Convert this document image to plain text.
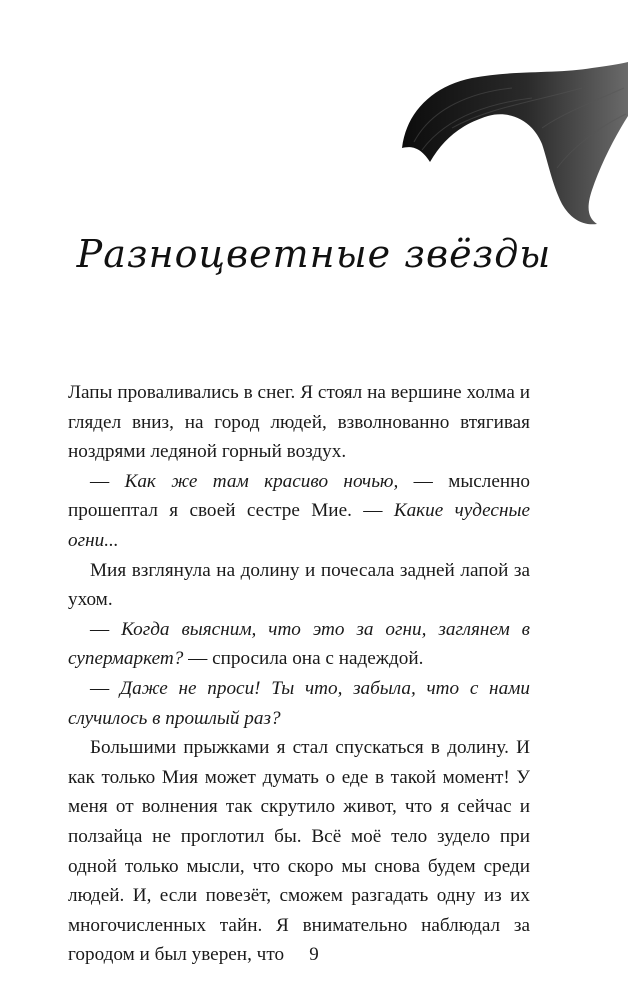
Разноцветные звёзды

Лапы проваливались в снег. Я стоял на вершине холма и глядел вниз, на город людей, взволнованно втягивая ноздрями ледяной горный воздух.

— Как же там красиво ночью, — мысленно прошептал я своей сестре Мие. — Какие чудесные огни...

Мия взглянула на долину и почесала задней лапой за ухом.

— Когда выясним, что это за огни, заглянем в супермаркет? — спросила она с надеждой.

— Даже не проси! Ты что, забыла, что с нами случилось в прошлый раз?

Большими прыжками я стал спускаться в долину. И как только Мия может думать о еде в такой момент! У меня от волнения так скрутило живот, что я сейчас и ползайца не проглотил бы. Всё моё тело зудело при одной только мысли, что скоро мы снова будем среди людей. И, если повезёт, сможем разгадать одну из их многочисленных тайн. Я внимательно наблюдал за городом и был уверен, что	9
